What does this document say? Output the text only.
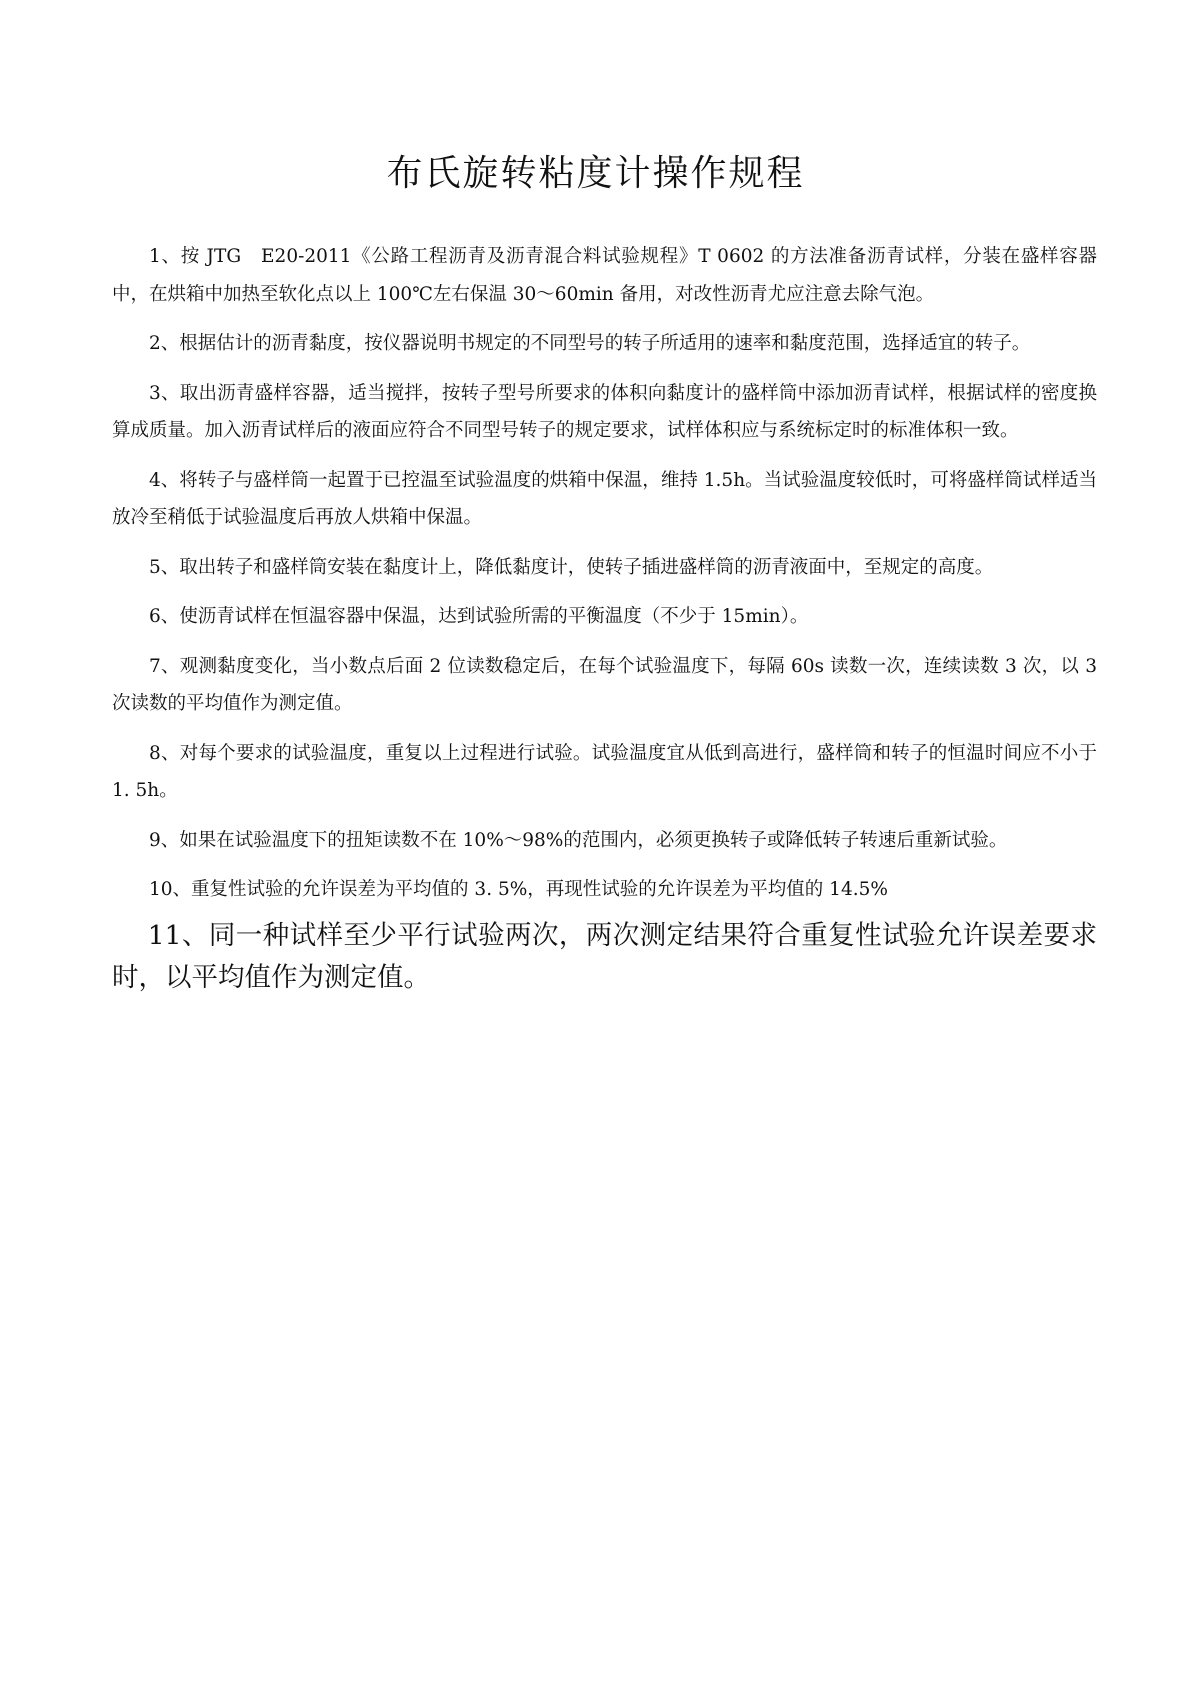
布氏旋转粘度计操作规程

1、按 JTG　E20-2011《公路工程沥青及沥青混合料试验规程》T 0602 的方法准备沥青试样，分装在盛样容器中，在烘箱中加热至软化点以上 100℃左右保温 30～60min 备用，对改性沥青尤应注意去除气泡。

2、根据估计的沥青黏度，按仪器说明书规定的不同型号的转子所适用的速率和黏度范围，选择适宜的转子。

3、取出沥青盛样容器，适当搅拌，按转子型号所要求的体积向黏度计的盛样筒中添加沥青试样，根据试样的密度换算成质量。加入沥青试样后的液面应符合不同型号转子的规定要求，试样体积应与系统标定时的标准体积一致。

4、将转子与盛样筒一起置于已控温至试验温度的烘箱中保温，维持 1.5h。当试验温度较低时，可将盛样筒试样适当放冷至稍低于试验温度后再放人烘箱中保温。

5、取出转子和盛样筒安装在黏度计上，降低黏度计，使转子插进盛样筒的沥青液面中，至规定的高度。

6、使沥青试样在恒温容器中保温，达到试验所需的平衡温度（不少于 15min）。

7、观测黏度变化，当小数点后面 2 位读数稳定后，在每个试验温度下，每隔 60s 读数一次，连续读数 3 次，以 3 次读数的平均值作为测定值。

8、对每个要求的试验温度，重复以上过程进行试验。试验温度宜从低到高进行，盛样筒和转子的恒温时间应不小于 1. 5h。

9、如果在试验温度下的扭矩读数不在 10%～98%的范围内，必须更换转子或降低转子转速后重新试验。

10、重复性试验的允许误差为平均值的 3. 5%，再现性试验的允许误差为平均值的 14.5%

11、同一种试样至少平行试验两次，两次测定结果符合重复性试验允许误差要求时，以平均值作为测定值。
